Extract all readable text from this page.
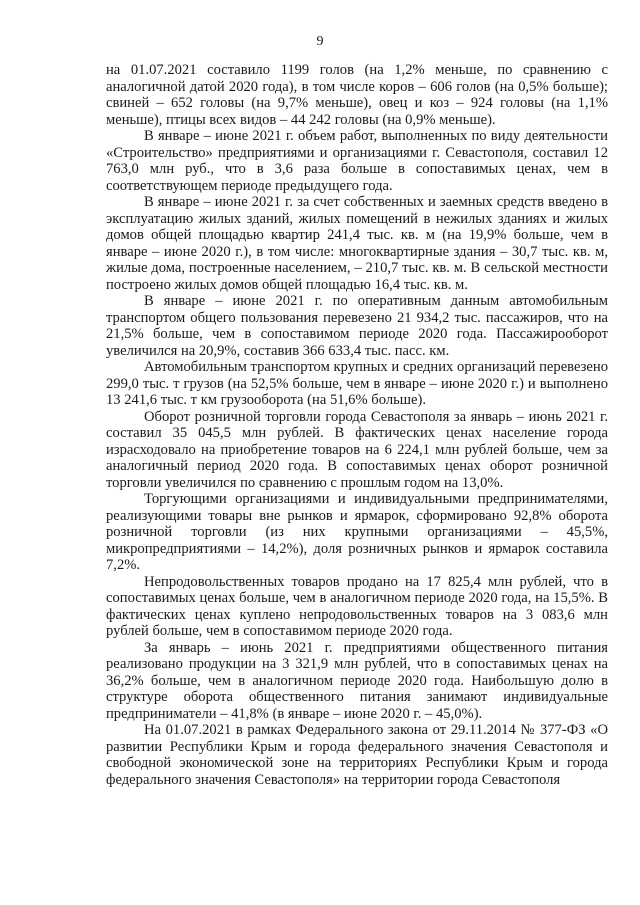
9

на 01.07.2021 составило 1199 голов (на 1,2% меньше, по сравнению с аналогичной датой 2020 года), в том числе коров – 606 голов (на 0,5% больше); свиней – 652 головы (на 9,7% меньше), овец и коз – 924 головы (на 1,1% меньше), птицы всех видов – 44 242 головы (на 0,9% меньше).

В январе – июне 2021 г. объем работ, выполненных по виду деятельности «Строительство» предприятиями и организациями г. Севастополя, составил 12 763,0 млн руб., что в 3,6 раза больше в сопоставимых ценах, чем в соответствующем периоде предыдущего года.

В январе – июне 2021 г. за счет собственных и заемных средств введено в эксплуатацию жилых зданий, жилых помещений в нежилых зданиях и жилых домов общей площадью квартир 241,4 тыс. кв. м (на 19,9% больше, чем в январе – июне 2020 г.), в том числе: многоквартирные здания – 30,7 тыс. кв. м, жилые дома, построенные населением, – 210,7 тыс. кв. м. В сельской местности построено жилых домов общей площадью 16,4 тыс. кв. м.

В январе – июне 2021 г. по оперативным данным автомобильным транспортом общего пользования перевезено 21 934,2 тыс. пассажиров, что на 21,5% больше, чем в сопоставимом периоде 2020 года. Пассажирооборот увеличился на 20,9%, составив 366 633,4 тыс. пасс. км.

Автомобильным транспортом крупных и средних организаций перевезено 299,0 тыс. т грузов (на 52,5% больше, чем в январе – июне 2020 г.) и выполнено 13 241,6 тыс. т км грузооборота (на 51,6% больше).

Оборот розничной торговли города Севастополя за январь – июнь 2021 г. составил 35 045,5 млн рублей. В фактических ценах население города израсходовало на приобретение товаров на 6 224,1 млн рублей больше, чем за аналогичный период 2020 года. В сопоставимых ценах оборот розничной торговли увеличился по сравнению с прошлым годом на 13,0%.

Торгующими организациями и индивидуальными предпринимателями, реализующими товары вне рынков и ярмарок, сформировано 92,8% оборота розничной торговли (из них крупными организациями – 45,5%, микропредприятиями – 14,2%), доля розничных рынков и ярмарок составила 7,2%.

Непродовольственных товаров продано на 17 825,4 млн рублей, что в сопоставимых ценах больше, чем в аналогичном периоде 2020 года, на 15,5%. В фактических ценах куплено непродовольственных товаров на 3 083,6 млн рублей больше, чем в сопоставимом периоде 2020 года.

За январь – июнь 2021 г. предприятиями общественного питания реализовано продукции на 3 321,9 млн рублей, что в сопоставимых ценах на 36,2% больше, чем в аналогичном периоде 2020 года. Наибольшую долю в структуре оборота общественного питания занимают индивидуальные предприниматели – 41,8% (в январе – июне 2020 г. – 45,0%).

На 01.07.2021 в рамках Федерального закона от 29.11.2014 № 377-ФЗ «О развитии Республики Крым и города федерального значения Севастополя и свободной экономической зоне на территориях Республики Крым и города федерального значения Севастополя» на территории города Севастополя
